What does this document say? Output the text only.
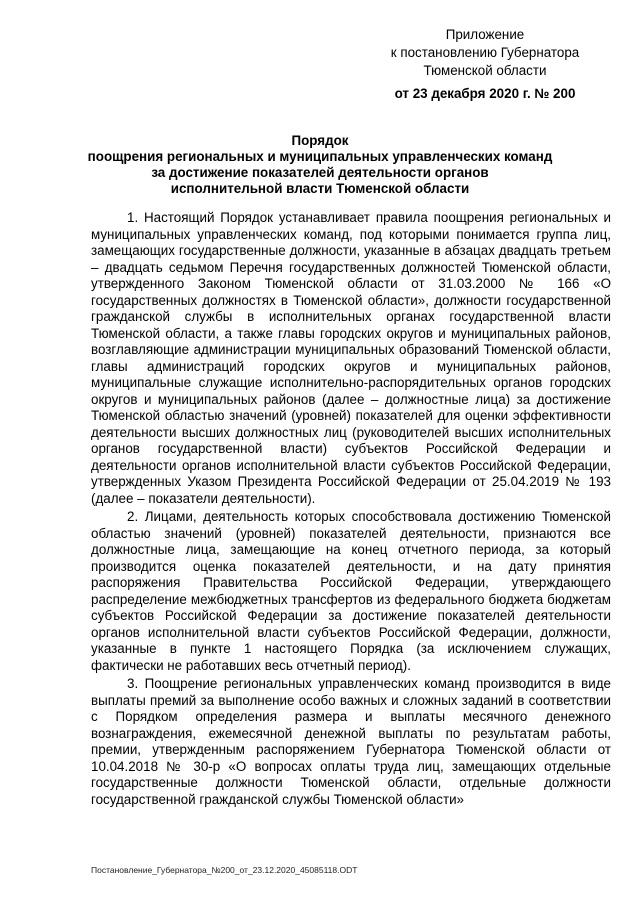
Приложение
к постановлению Губернатора
Тюменской области
от 23 декабря 2020 г. № 200
Порядок
поощрения региональных и муниципальных управленческих команд
за достижение показателей деятельности органов
исполнительной власти Тюменской области

1. Настоящий Порядок устанавливает правила поощрения региональных и муниципальных управленческих команд, под которыми понимается группа лиц, замещающих государственные должности, указанные в абзацах двадцать третьем – двадцать седьмом Перечня государственных должностей Тюменской области, утвержденного Законом Тюменской области от 31.03.2000 № 166 «О государственных должностях в Тюменской области», должности государственной гражданской службы в исполнительных органах государственной власти Тюменской области, а также главы городских округов и муниципальных районов, возглавляющие администрации муниципальных образований Тюменской области, главы администраций городских округов и муниципальных районов, муниципальные служащие исполнительно-распорядительных органов городских округов и муниципальных районов (далее – должностные лица) за достижение Тюменской областью значений (уровней) показателей для оценки эффективности деятельности высших должностных лиц (руководителей высших исполнительных органов государственной власти) субъектов Российской Федерации и деятельности органов исполнительной власти субъектов Российской Федерации, утвержденных Указом Президента Российской Федерации от 25.04.2019 № 193 (далее – показатели деятельности).

2. Лицами, деятельность которых способствовала достижению Тюменской областью значений (уровней) показателей деятельности, признаются все должностные лица, замещающие на конец отчетного периода, за который производится оценка показателей деятельности, и на дату принятия распоряжения Правительства Российской Федерации, утверждающего распределение межбюджетных трансфертов из федерального бюджета бюджетам субъектов Российской Федерации за достижение показателей деятельности органов исполнительной власти субъектов Российской Федерации, должности, указанные в пункте 1 настоящего Порядка (за исключением служащих, фактически не работавших весь отчетный период).

3. Поощрение региональных управленческих команд производится в виде выплаты премий за выполнение особо важных и сложных заданий в соответствии с Порядком определения размера и выплаты месячного денежного вознаграждения, ежемесячной денежной выплаты по результатам работы, премии, утвержденным распоряжением Губернатора Тюменской области от 10.04.2018 № 30-р «О вопросах оплаты труда лиц, замещающих отдельные государственные должности Тюменской области, отдельные должности государственной гражданской службы Тюменской области»

Постановление_Губернатора_№200_от_23.12.2020_45085118.ODT
